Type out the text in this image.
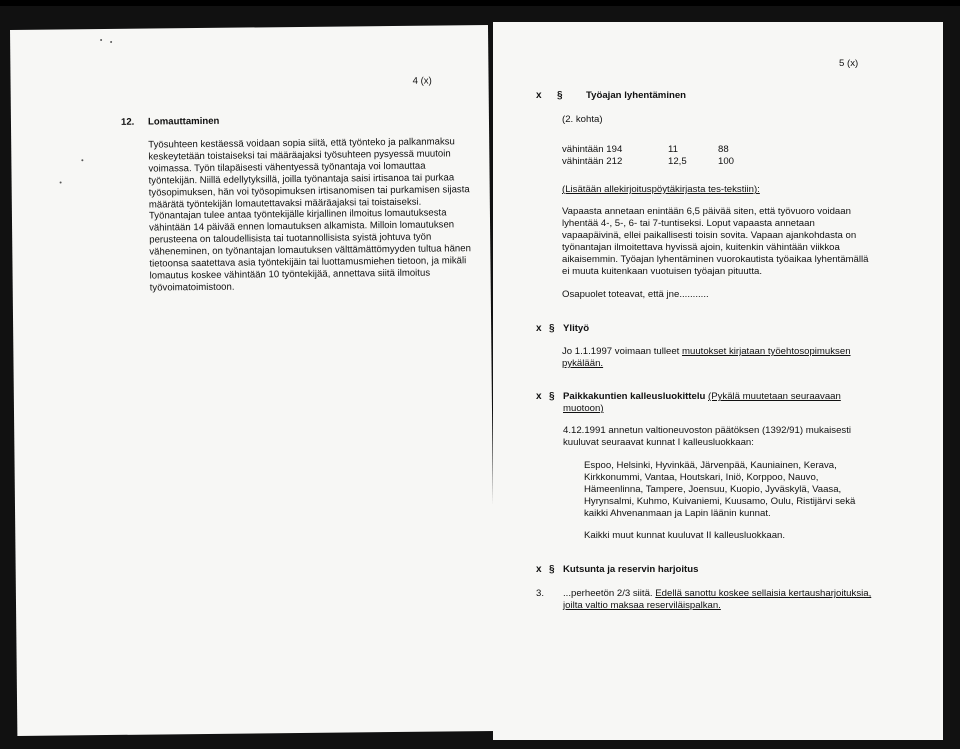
4 (x)
12. Lomauttaminen
Työsuhteen kestäessä voidaan sopia siitä, että työnteko ja palkanmaksu
keskeytetään toistaiseksi tai määräajaksi työsuhteen pysyessä muutoin
voimassa. Työn tilapäisesti vähentyessä työnantaja voi lomauttaa
työntekijän. Niillä edellytyksillä, joilla työnantaja saisi irtisanoa tai purkaa
työsopimuksen, hän voi työsopimuksen irtisanomisen tai purkamisen sijasta
määrätä työntekijän lomautettavaksi määräajaksi tai toistaiseksi.
Työnantajan tulee antaa työntekijälle kirjallinen ilmoitus lomautuksesta
vähintään 14 päivää ennen lomautuksen alkamista. Milloin lomautuksen
perusteena on taloudellisista tai tuotannollisista syistä johtuva työn
väheneminen, on työnantajan lomautuksen välttämättömyyden tultua hänen
tietoonsa saatettava asia työntekijäin tai luottamusmiehen tietoon, ja mikäli
lomautus koskee vähintään 10 työntekijää, annettava siitä ilmoitus
työvoimatoimistoon.
5 (x)
x § Työajan lyhentäminen
(2. kohta)
vähintään 194	11	88
vähintään 212	12,5	100
(Lisätään allekirjoituspöytäkirjasta tes-tekstiin):
Vapaasta annetaan enintään 6,5 päivää siten, että työvuoro voidaan
lyhentää 4-, 5-, 6- tai 7-tuntiseksi. Loput vapaasta annetaan
vapaapäivinä, ellei paikallisesti toisin sovita. Vapaan ajankohdasta on
työnantajan ilmoitettava hyvissä ajoin, kuitenkin vähintään viikkoa
aikaisemmin. Työajan lyhentäminen vuorokautista työaikaa lyhentämällä
ei muuta kuitenkaan vuotuisen työajan pituutta.
Osapuolet toteavat, että jne...........
x § Ylityö
Jo 1.1.1997 voimaan tulleet muutokset kirjataan työehtosopimuksen
pykälään.
x § Paikkakuntien kalleusluokittelu (Pykälä muutetaan seuraavaan
muotoon)
4.12.1991 annetun valtioneuvoston päätöksen (1392/91) mukaisesti
kuuluvat seuraavat kunnat I kalleusluokkaan:
Espoo, Helsinki, Hyvinkää, Järvenpää, Kauniainen, Kerava,
Kirkkonummi, Vantaa, Houtskari, Iniö, Korppoo, Nauvo,
Hämeenlinna, Tampere, Joensuu, Kuopio, Jyväskylä, Vaasa,
Hyrynsalmi, Kuhmo, Kuivaniemi, Kuusamo, Oulu, Ristijärvi sekä
kaikki Ahvenanmaan ja Lapin läänin kunnat.
Kaikki muut kunnat kuuluvat II kalleusluokkaan.
x § Kutsunta ja reservin harjoitus
3. ...perheetön 2/3 siitä. Edellä sanottu koskee sellaisia kertausharjoituksia,
joilta valtio maksaa reserviläispalkan.
